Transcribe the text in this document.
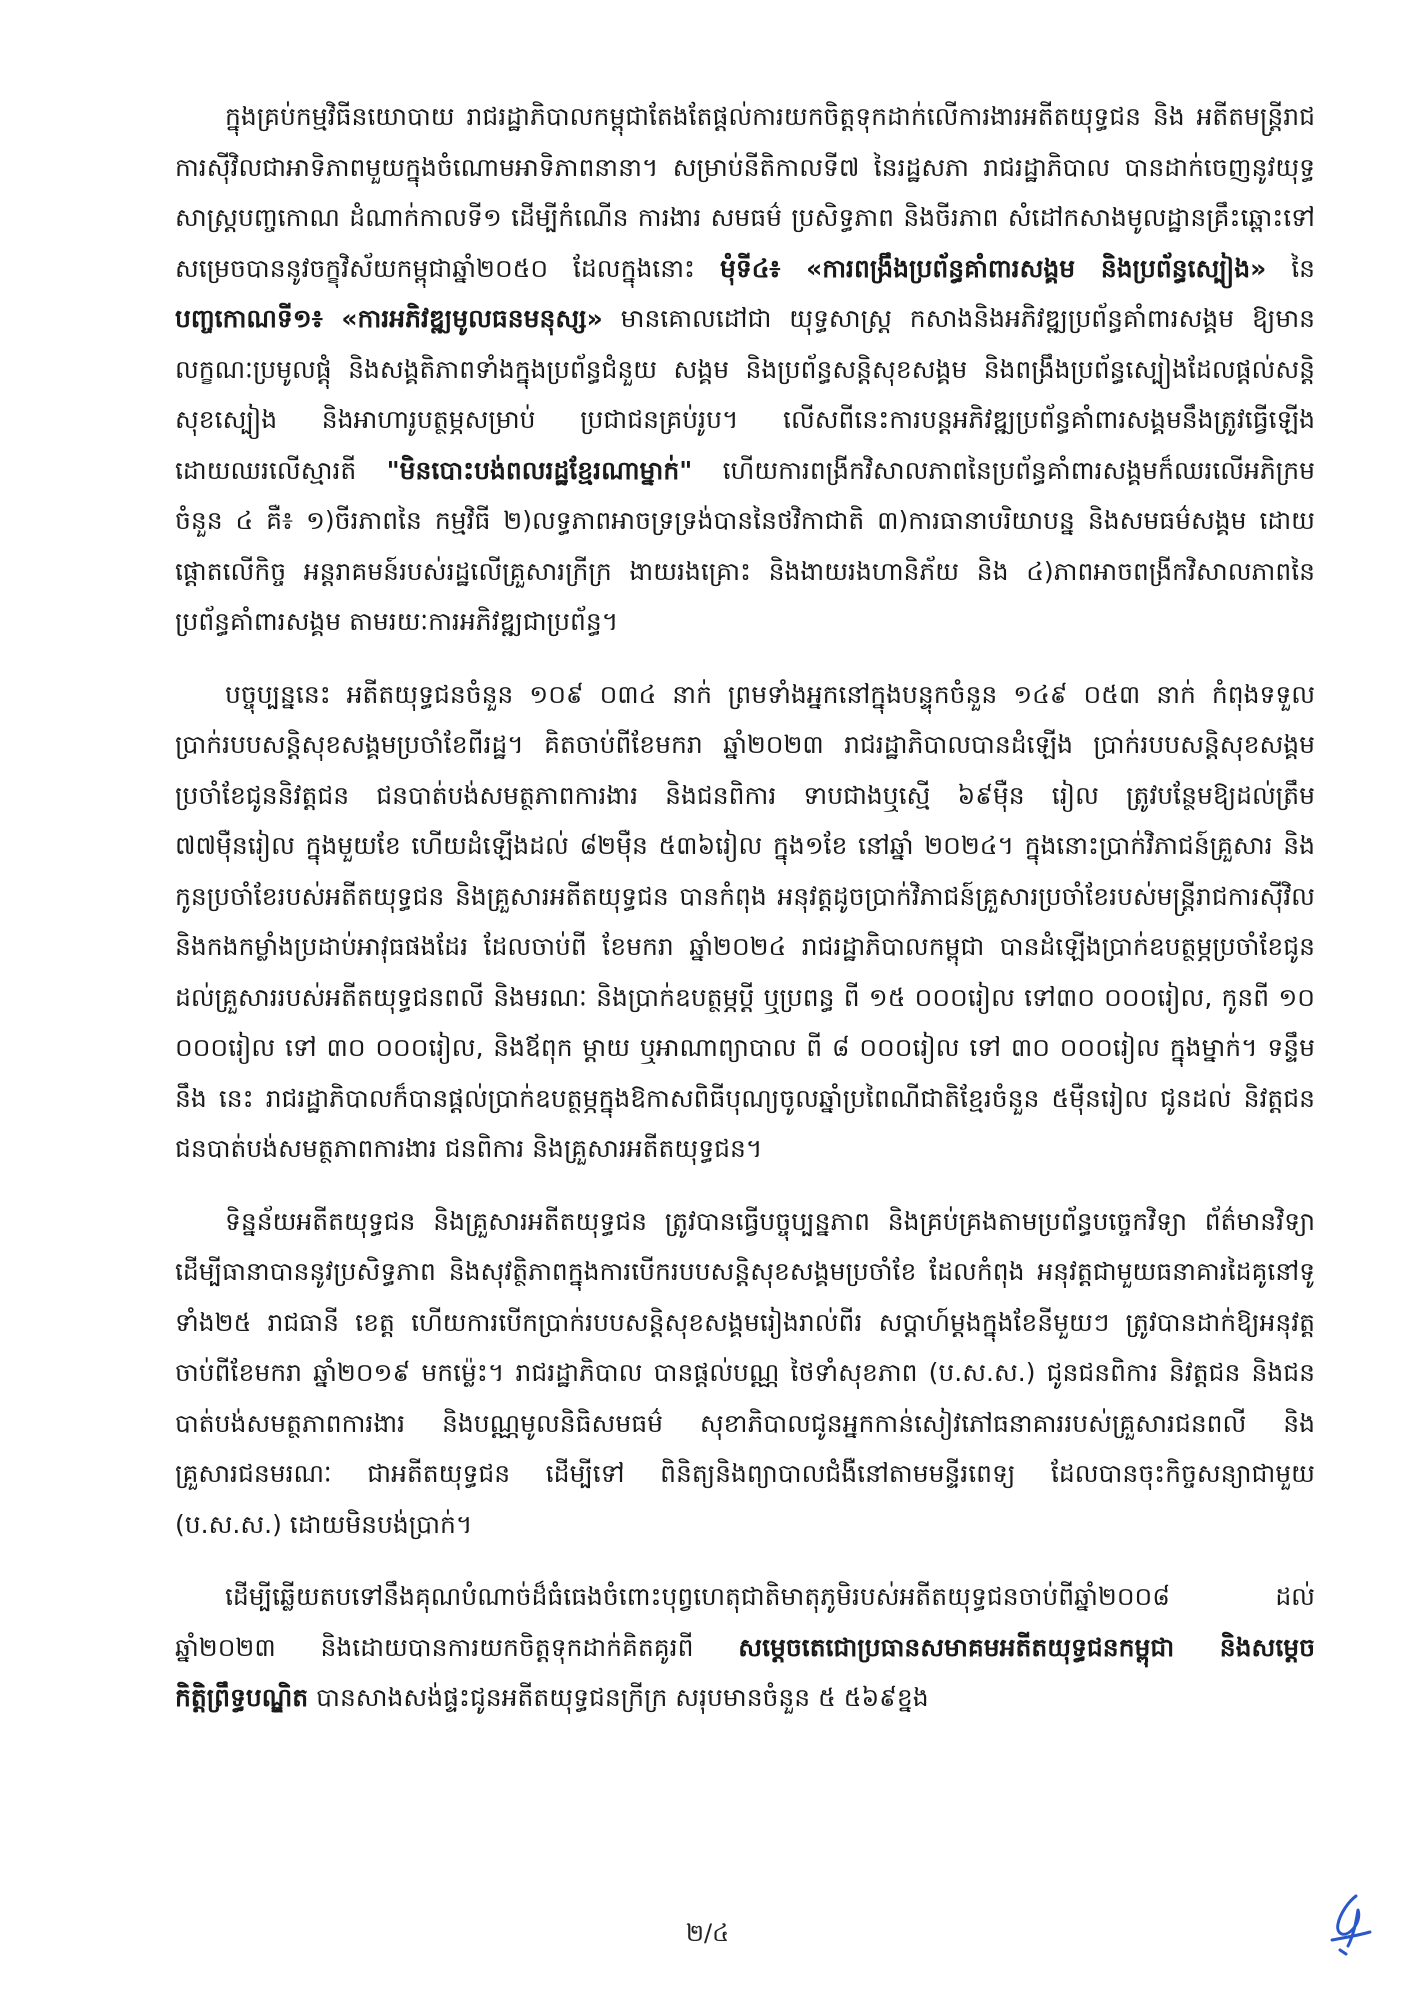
ក្នុងគ្រប់កម្មវិធីនយោបាយ រាជរដ្ឋាភិបាលកម្ពុជាតែងតែផ្ដល់ការយកចិត្តទុកដាក់លើការងារអតីតយុទ្ធជន និង អតីតមន្ត្រីរាជការស៊ីវិលជាអាទិភាពមួយក្នុងចំណោមអាទិភាពនានា។ សម្រាប់នីតិកាលទី៧ នៃរដ្ឋសភា រាជរដ្ឋាភិបាល បានដាក់ចេញនូវយុទ្ធសាស្ត្របញ្ចកោណ ដំណាក់កាលទី១ ដើម្បីកំណើន ការងារ សមធម៌ ប្រសិទ្ធភាព និងចីរភាព សំដៅកសាងមូលដ្ឋានគ្រឹះឆ្ពោះទៅសម្រេចបាននូវចក្ខុវិស័យកម្ពុជាឆ្នាំ២០៥០ ដែលក្នុងនោះ មុំទី៤៖ «ការពង្រឹងប្រព័ន្ធគាំពារសង្គម និងប្រព័ន្ធស្បៀង» នៃ បញ្ចកោណទី១៖ «ការអភិវឌ្ឍមូលធនមនុស្ស» មានគោលដៅជា យុទ្ធសាស្ត្រ កសាងនិងអភិវឌ្ឍប្រព័ន្ធគាំពារសង្គម ឱ្យមានលក្ខណៈប្រមូលផ្ដុំ និងសង្គតិភាពទាំងក្នុងប្រព័ន្ធជំនួយ សង្គម និងប្រព័ន្ធសន្តិសុខសង្គម និងពង្រឹងប្រព័ន្ធស្បៀងដែលផ្ដល់សន្តិសុខស្បៀង និងអាហារូបត្ថម្ភសម្រាប់ ប្រជាជនគ្រប់រូប។ លើសពីនេះការបន្តអភិវឌ្ឍប្រព័ន្ធគាំពារសង្គមនឹងត្រូវធ្វើឡើងដោយឈរលើស្មារតី "មិនបោះបង់ពលរដ្ឋខ្មែរណាម្នាក់" ហើយការពង្រីកវិសាលភាពនៃប្រព័ន្ធគាំពារសង្គមក៏ឈរលើអភិក្រមចំនួន ៤ គឺ៖ ១)ចីរភាពនៃ កម្មវិធី ២)លទ្ធភាពអាចទ្រទ្រង់បាននៃថវិកាជាតិ ៣)ការធានាបរិយាបន្ន និងសមធម៌សង្គម ដោយផ្ដោតលើកិច្ច អន្តរាគមន៍របស់រដ្ឋលើគ្រួសារក្រីក្រ ងាយរងគ្រោះ និងងាយរងហានិភ័យ និង ៤)ភាពអាចពង្រីកវិសាលភាពនៃ ប្រព័ន្ធគាំពារសង្គម តាមរយៈការអភិវឌ្ឍជាប្រព័ន្ធ។

បច្ចុប្បន្ននេះ អតីតយុទ្ធជនចំនួន ១០៩ ០៣៤ នាក់ ព្រមទាំងអ្នកនៅក្នុងបន្ទុកចំនួន ១៤៩ ០៥៣ នាក់ កំពុងទទួលប្រាក់របបសន្តិសុខសង្គមប្រចាំខែពីរដ្ឋ។ គិតចាប់ពីខែមករា ឆ្នាំ២០២៣ រាជរដ្ឋាភិបាលបានដំឡើង ប្រាក់របបសន្តិសុខសង្គមប្រចាំខែជូននិវត្តជន ជនបាត់បង់សមត្ថភាពការងារ និងជនពិការ ទាបជាងឬស្មើ ៦៩ម៉ឺន រៀល ត្រូវបន្ថែមឱ្យដល់ត្រឹម ៧៧ម៉ឺនរៀល ក្នុងមួយខែ ហើយដំឡើងដល់ ៨២ម៉ឺន ៥៣៦រៀល ក្នុង១ខែ នៅឆ្នាំ ២០២៤។ ក្នុងនោះប្រាក់វិភាជន៍គ្រួសារ និងកូនប្រចាំខែរបស់អតីតយុទ្ធជន និងគ្រួសារអតីតយុទ្ធជន បានកំពុង អនុវត្តដូចប្រាក់វិភាជន៍គ្រួសារប្រចាំខែរបស់មន្ត្រីរាជការស៊ីវិល និងកងកម្លាំងប្រដាប់អាវុធផងដែរ ដែលចាប់ពី ខែមករា ឆ្នាំ២០២៤ រាជរដ្ឋាភិបាលកម្ពុជា បានដំឡើងប្រាក់ឧបត្ថម្ភប្រចាំខែជូនដល់គ្រួសាររបស់អតីតយុទ្ធជនពលី និងមរណៈ និងប្រាក់ឧបត្ថម្ភប្តី ឬប្រពន្ធ ពី ១៥ ០០០រៀល ទៅ៣០ ០០០រៀល, កូនពី ១០ ០០០រៀល ទៅ ៣០ ០០០រៀល, និងឪពុក ម្ដាយ ឬអាណាព្យាបាល ពី ៨ ០០០រៀល ទៅ ៣០ ០០០រៀល ក្នុងម្នាក់។ ទន្ទឹមនឹង នេះ រាជរដ្ឋាភិបាលក៏បានផ្ដល់ប្រាក់ឧបត្ថម្ភក្នុងឱកាសពិធីបុណ្យចូលឆ្នាំប្រពៃណីជាតិខ្មែរចំនួន ៥ម៉ឺនរៀល ជូនដល់ និវត្តជន ជនបាត់បង់សមត្ថភាពការងារ ជនពិការ និងគ្រួសារអតីតយុទ្ធជន។

ទិន្នន័យអតីតយុទ្ធជន និងគ្រួសារអតីតយុទ្ធជន ត្រូវបានធ្វើបច្ចុប្បន្នភាព និងគ្រប់គ្រងតាមប្រព័ន្ធបច្ចេកវិទ្យា ព័ត៌មានវិទ្យា ដើម្បីធានាបាននូវប្រសិទ្ធភាព និងសុវត្ថិភាពក្នុងការបើករបបសន្តិសុខសង្គមប្រចាំខែ ដែលកំពុង អនុវត្តជាមួយធនាគារដៃគូនៅទូទាំង២៥ រាជធានី ខេត្ត ហើយការបើកប្រាក់របបសន្តិសុខសង្គមរៀងរាល់ពីរ សប្ដាហ៍ម្ដងក្នុងខែនីមួយៗ ត្រូវបានដាក់ឱ្យអនុវត្តចាប់ពីខែមករា ឆ្នាំ២០១៩ មកម្ល៉េះ។ រាជរដ្ឋាភិបាល បានផ្ដល់បណ្ណ ថៃទាំសុខភាព (ប.ស.ស.) ជូនជនពិការ និវត្តជន និងជនបាត់បង់សមត្ថភាពការងារ និងបណ្ណមូលនិធិសមធម៌ សុខាភិបាលជូនអ្នកកាន់សៀវភៅធនាគាររបស់គ្រួសារជនពលី និងគ្រួសារជនមរណៈ ជាអតីតយុទ្ធជន ដើម្បីទៅ ពិនិត្យនិងព្យាបាលជំងឺនៅតាមមន្ទីរពេទ្យ ដែលបានចុះកិច្ចសន្យាជាមួយ (ប.ស.ស.) ដោយមិនបង់ប្រាក់។

ដើម្បីឆ្លើយតបទៅនឹងគុណបំណាច់ដ៏ធំធេងចំពោះបុព្វហេតុជាតិមាតុភូមិរបស់អតីតយុទ្ធជនចាប់ពីឆ្នាំ២០០៨ ដល់ ឆ្នាំ២០២៣ និងដោយបានការយកចិត្តទុកដាក់គិតគូរពី សម្ដេចតេជោប្រធានសមាគមអតីតយុទ្ធជនកម្ពុជា និងសម្ដេចកិត្តិព្រឹទ្ធបណ្ឌិត បានសាងសង់ផ្ទះជូនអតីតយុទ្ធជនក្រីក្រ សរុបមានចំនួន ៥ ៥៦៩ខ្នង

២/៤
